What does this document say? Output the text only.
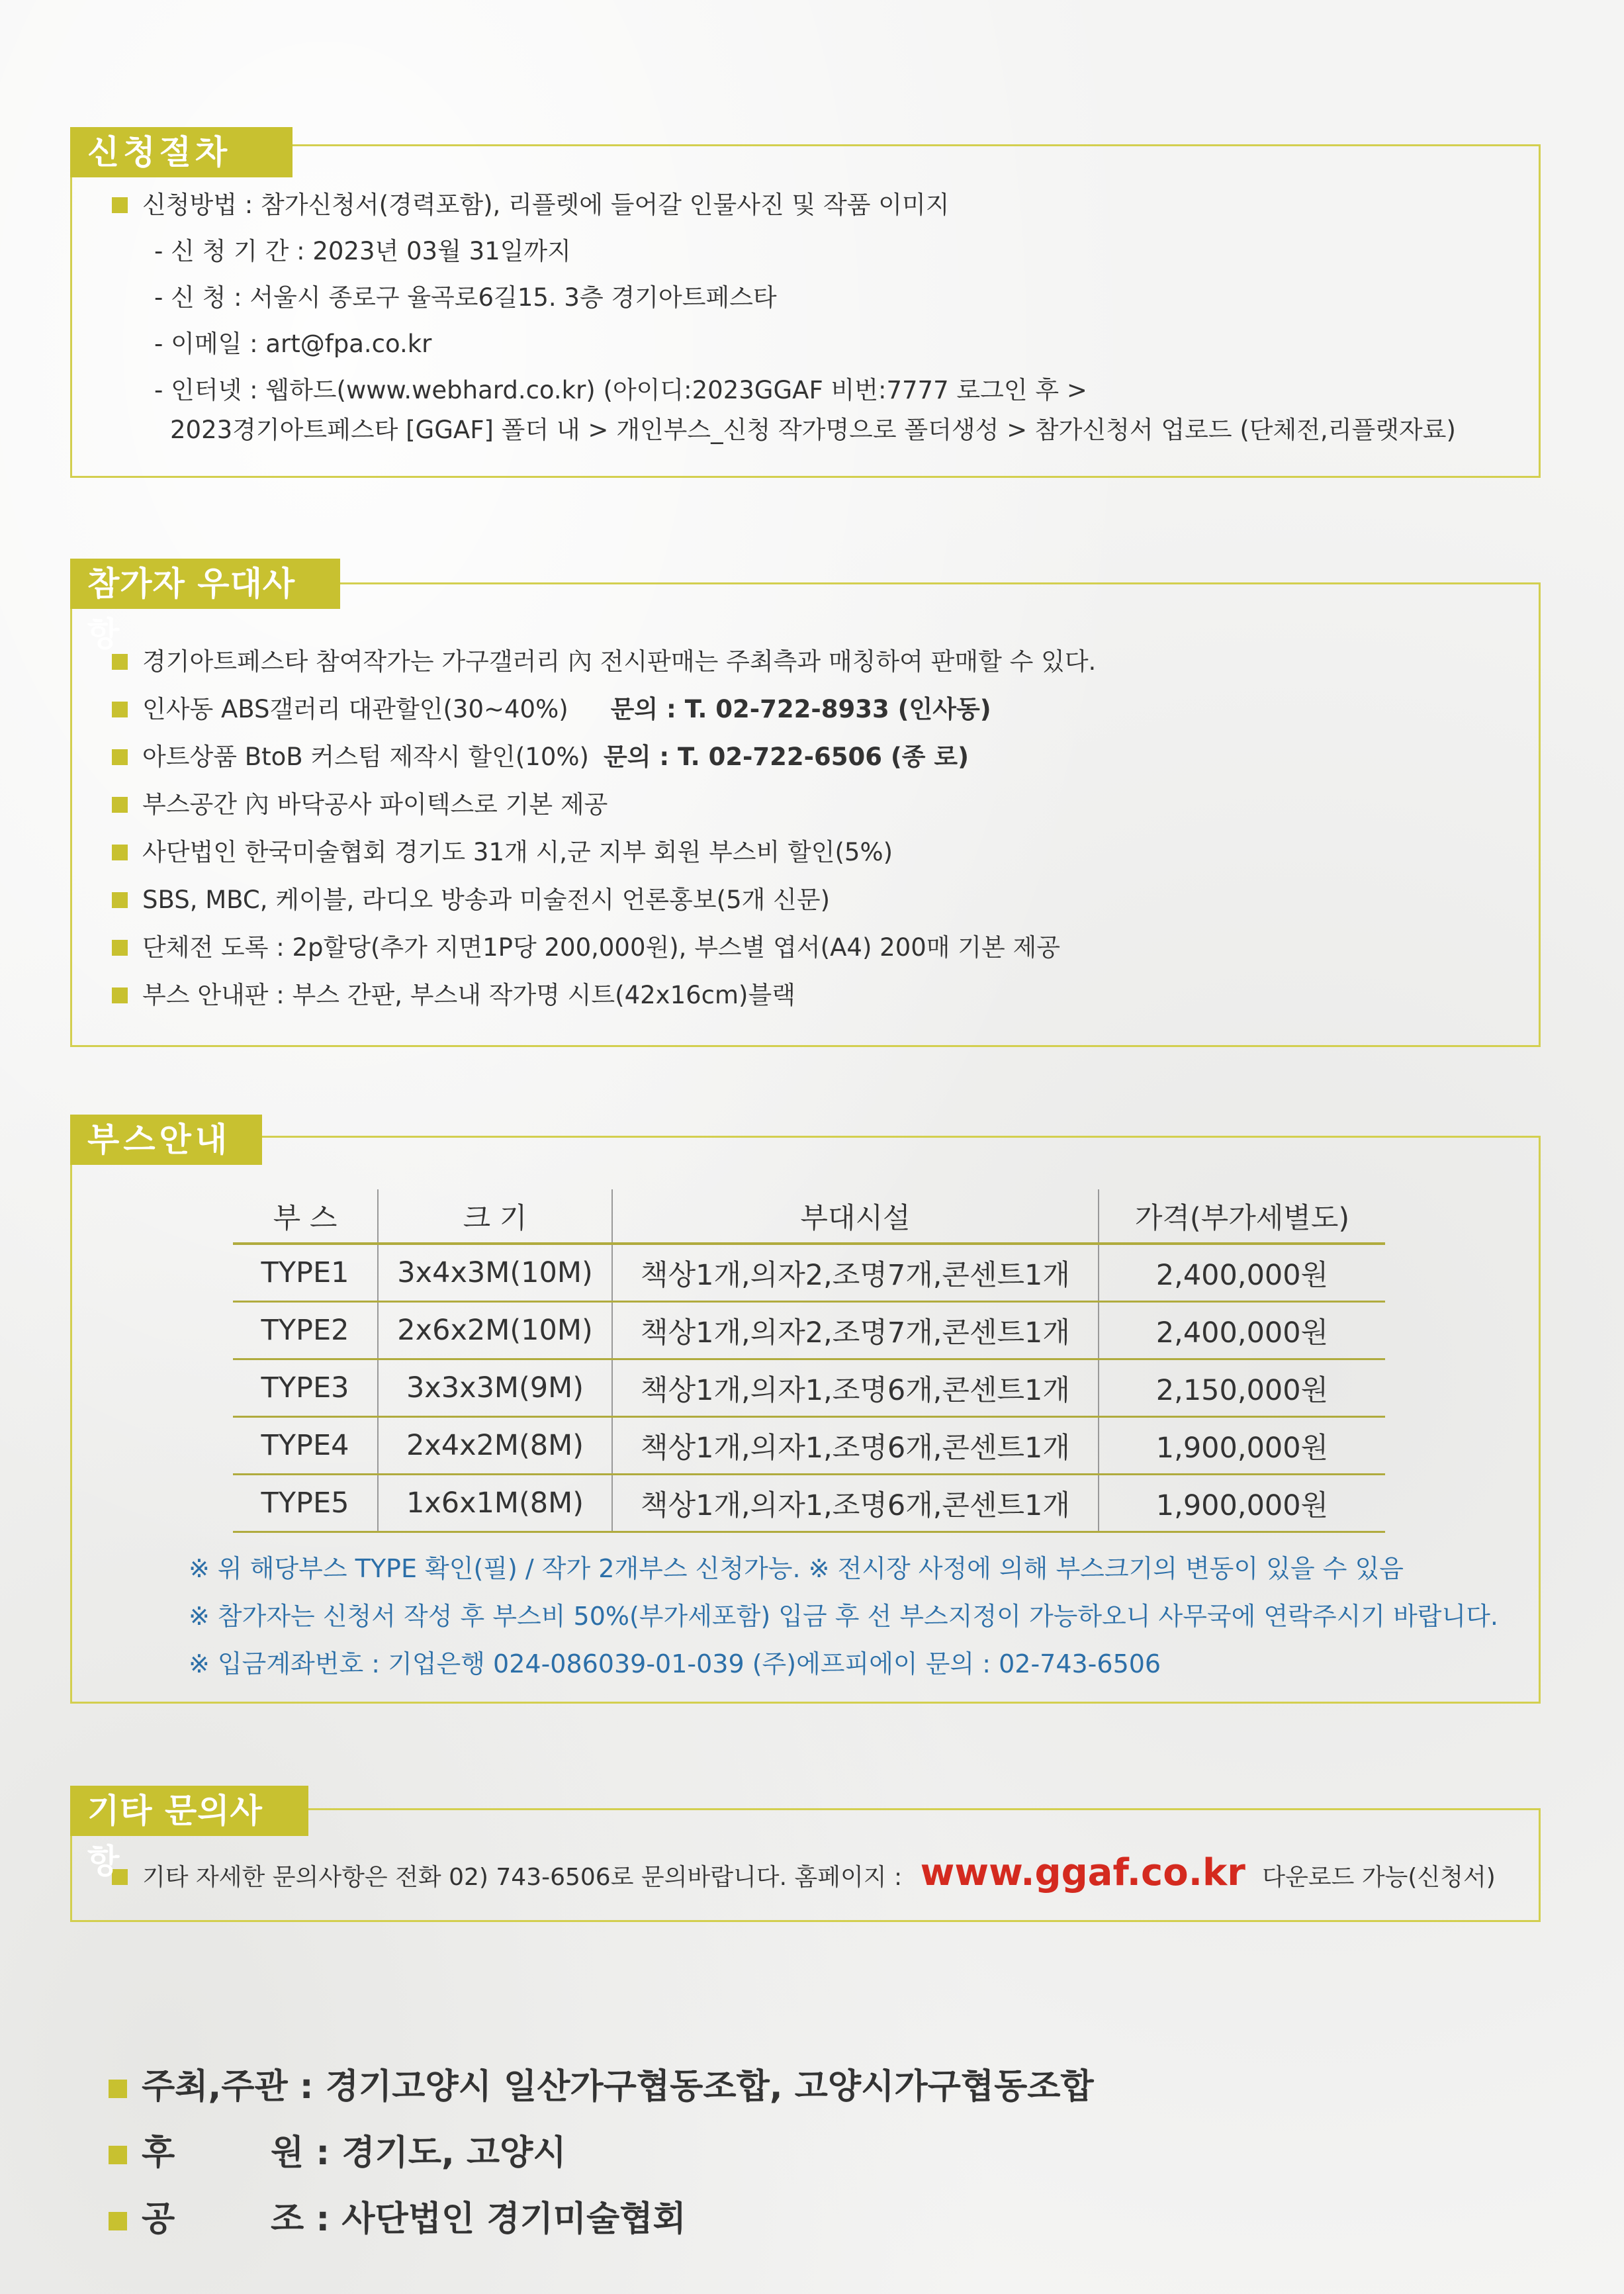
신청방법 : 참가신청서(경력포함), 리플렛에 들어갈 인물사진 및 작품 이미지
- 신 청 기 간 : 2023년 03월 31일까지
- 신 청 : 서울시 종로구 율곡로6길15. 3층 경기아트페스타
- 이메일 : art@fpa.co.kr
- 인터넷 : 웹하드(www.webhard.co.kr) (아이디:2023GGAF 비번:7777 로그인 후 >
2023경기아트페스타 [GGAF] 폴더 내 > 개인부스_신청 작가명으로 폴더생성 > 참가신청서 업로드 (단체전,리플랫자료)
신청절차
경기아트페스타 참여작가는 가구갤러리 內 전시판매는 주최측과 매칭하여 판매할 수 있다.
인사동 ABS갤러리 대관할인(30~40%) 문의 : T. 02-722-8933 (인사동)
아트상품 BtoB 커스텀 제작시 할인(10%) 문의 : T. 02-722-6506 (종 로)
부스공간 內 바닥공사 파이텍스로 기본 제공
사단법인 한국미술협회 경기도 31개 시,군 지부 회원 부스비 할인(5%)
SBS, MBC, 케이블, 라디오 방송과 미술전시 언론홍보(5개 신문)
단체전 도록 : 2p할당(추가 지면1P당 200,000원), 부스별 엽서(A4) 200매 기본 제공
부스 안내판 : 부스 간판, 부스내 작가명 시트(42x16cm)블랙
참가자 우대사항
부 스	크 기	부대시설	가격(부가세별도)
TYPE1	3x4x3M(10M)	책상1개,의자2,조명7개,콘센트1개	2,400,000원
TYPE2	2x6x2M(10M)	책상1개,의자2,조명7개,콘센트1개	2,400,000원
TYPE3	3x3x3M(9M)	책상1개,의자1,조명6개,콘센트1개	2,150,000원
TYPE4	2x4x2M(8M)	책상1개,의자1,조명6개,콘센트1개	1,900,000원
TYPE5	1x6x1M(8M)	책상1개,의자1,조명6개,콘센트1개	1,900,000원
※ 위 해당부스 TYPE 확인(필) / 작가 2개부스 신청가능. ※ 전시장 사정에 의해 부스크기의 변동이 있을 수 있음
※ 참가자는 신청서 작성 후 부스비 50%(부가세포함) 입금 후 선 부스지정이 가능하오니 사무국에 연락주시기 바랍니다.
※ 입금계좌번호 : 기업은행 024-086039-01-039 (주)에프피에이 문의 : 02-743-6506
부스안내
기타 자세한 문의사항은 전화 02) 743-6506로 문의바랍니다. 홈페이지 : www.ggaf.co.kr 다운로드 가능(신청서)
기타 문의사항
주최,주관 : 경기고양시 일산가구협동조합, 고양시가구협동조합
후        원 : 경기도, 고양시
공        조 : 사단법인 경기미술협회
